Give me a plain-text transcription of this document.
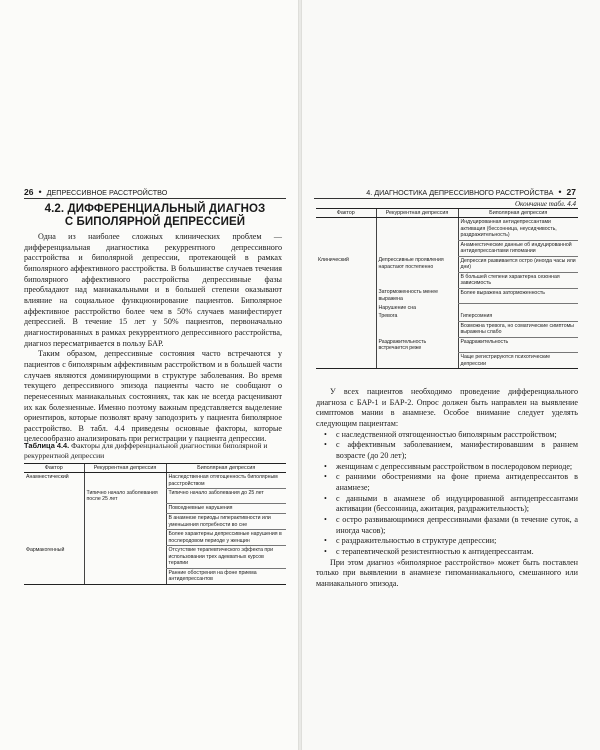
26 • ДЕПРЕССИВНОЕ РАССТРОЙСТВО
4.2. ДИФФЕРЕНЦИАЛЬНЫЙ ДИАГНОЗ
С БИПОЛЯРНОЙ ДЕПРЕССИЕЙ

Одна из наиболее сложных клинических проблем — дифференциальная диагностика рекуррентного депрессивного расстройства и биполярной депрессии, протекающей в рамках биполярного аффективного расстройства. В большинстве случаев течения биполярного аффективного расстройства депрессивные фазы преобладают над маниакальными и в большей степени оказывают влияние на социальное функционирование пациентов. Биполярное аффективное расстройство более чем в 50% случаев манифестирует депрессией. В течение 15 лет у 50% пациентов, первоначально диагностированных в рамках рекуррентного депрессивного расстройства, диагноз пересматривается в пользу БАР.

Таким образом, депрессивные состояния часто встречаются у пациентов с биполярным аффективным расстройством и в большей части случаев являются доминирующими в структуре заболевания. Во время текущего депрессивного эпизода пациенты часто не сообщают о перенесенных маниакальных состояниях, так как не всегда расценивают их как болезненные. Именно поэтому важным представляется выделение ориентиров, которые позволят врачу заподозрить у пациента биполярное расстройство. В табл. 4.4 приведены основные факторы, которые целесообразно анализировать при регистрации у пациента депрессии.

Таблица 4.4. Факторы для дифференциальной диагностики биполярной и рекуррентной депрессии
Фактор	Рекуррентная депрессия	Биполярная депрессия
Анамнестический		Наследственная отягощенность биполярным расстройством
	Типично начало заболевания после 25 лет	Типично начало заболевания до 25 лет
		Повседневные нарушения
		В анамнезе периоды гиперактивности или уменьшения потребности во сне
		Более характерны депрессивные нарушения в послеродовом периоде у женщин
Фармакогенный		Отсутствие терапевтического эффекта при использовании трех адекватных курсов терапии
		Ранние обострения на фоне приема антидепрессантов
4. ДИАГНОСТИКА ДЕПРЕССИВНОГО РАССТРОЙСТВА • 27
Окончание табл. 4.4
Фактор	Рекуррентная депрессия	Биполярная депрессия
		Индуцированная антидепрессантами активация (бессонница, неусидчивость, раздражительность)
		Анамнестические данные об индуцированной антидепрессантами гипомании
Клинический	Депрессивные проявления нарастают постепенно	Депрессия развивается остро (иногда часы или дни)
		В большей степени характерна сезонная зависимость
	Заторможенность менее выражена	Более выражена заторможенность
	Нарушение сна	
	Тревога	Гиперсомния
		Возможна тревога, но соматические симптомы выражены слабо
	Раздражительность встречается реже	Раздражительность
		Чаще регистрируются психотические депрессии

У всех пациентов необходимо проведение дифференциального диагноза с БАР-1 и БАР-2. Опрос должен быть направлен на выявление симптомов мании в анамнезе. Особое внимание следует уделять следующим пациентам:

• с наследственной отягощенностью биполярным расстройством;
• с аффективным заболеванием, манифестировавшим в раннем возрасте (до 20 лет);
• женщинам с депрессивным расстройством в послеродовом периоде;
• с ранними обострениями на фоне приема антидепрессантов в анамнезе;
• с данными в анамнезе об индуцированной антидепрессантами активации (бессонница, ажитация, раздражительность);
• с остро развивающимися депрессивными фазами (в течение суток, а иногда часов);
• с раздражительностью в структуре депрессии;
• с терапевтической резистентностью к антидепрессантам.

При этом диагноз «биполярное расстройство» может быть поставлен только при выявлении в анамнезе гипоманиакального, смешанного или маниакального эпизода.
